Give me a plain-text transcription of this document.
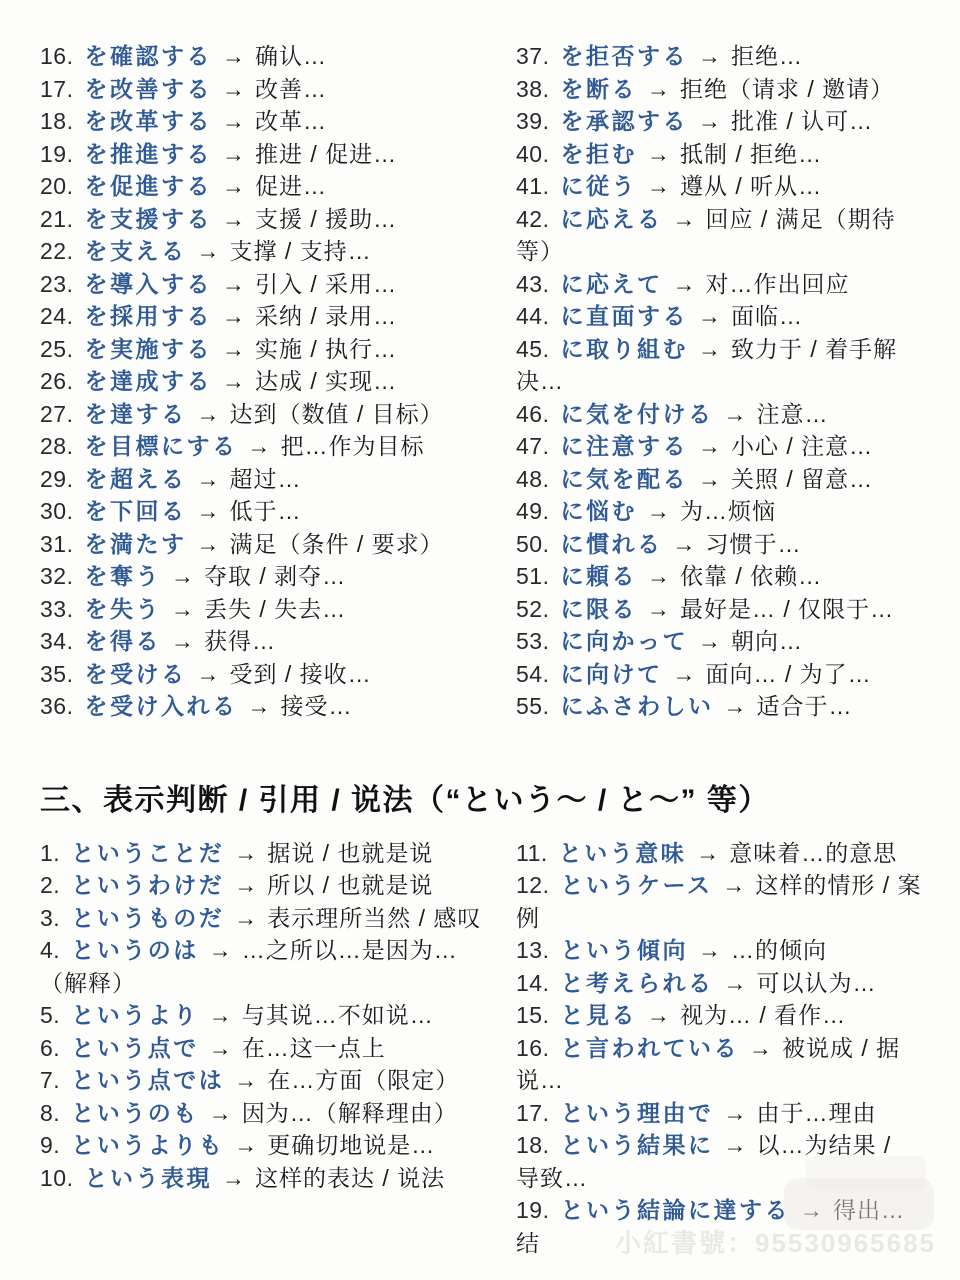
16. を確認する → 确认…
17. を改善する → 改善…
18. を改革する → 改革…
19. を推進する → 推进 / 促进…
20. を促進する → 促进…
21. を支援する → 支援 / 援助…
22. を支える → 支撑 / 支持…
23. を導入する → 引入 / 采用…
24. を採用する → 采纳 / 录用…
25. を実施する → 实施 / 执行…
26. を達成する → 达成 / 实现…
27. を達する → 达到（数值 / 目标）
28. を目標にする → 把…作为目标
29. を超える → 超过…
30. を下回る → 低于…
31. を満たす → 满足（条件 / 要求）
32. を奪う → 夺取 / 剥夺…
33. を失う → 丢失 / 失去…
34. を得る → 获得…
35. を受ける → 受到 / 接收…
36. を受け入れる → 接受…
37. を拒否する → 拒绝…
38. を断る → 拒绝（请求 / 邀请）
39. を承認する → 批准 / 认可…
40. を拒む → 抵制 / 拒绝…
41. に従う → 遵从 / 听从…
42. に応える → 回应 / 满足（期待等）
43. に応えて → 对…作出回应
44. に直面する → 面临…
45. に取り組む → 致力于 / 着手解决…
46. に気を付ける → 注意…
47. に注意する → 小心 / 注意…
48. に気を配る → 关照 / 留意…
49. に悩む → 为…烦恼
50. に慣れる → 习惯于…
51. に頼る → 依靠 / 依赖…
52. に限る → 最好是… / 仅限于…
53. に向かって → 朝向…
54. に向けて → 面向… / 为了…
55. にふさわしい → 适合于…
三、表示判断 / 引用 / 说法（“という〜 / と〜” 等）
1. ということだ → 据说 / 也就是说
2. というわけだ → 所以 / 也就是说
3. というものだ → 表示理所当然 / 感叹
4. というのは → …之所以…是因为…（解释）
5. というより → 与其说…不如说…
6. という点で → 在…这一点上
7. という点では → 在…方面（限定）
8. というのも → 因为…（解释理由）
9. というよりも → 更确切地说是…
10. という表現 → 这样的表达 / 说法
11. という意味 → 意味着…的意思
12. というケース → 这样的情形 / 案例
13. という傾向 → …的倾向
14. と考えられる → 可以认为…
15. と見る → 视为… / 看作…
16. と言われている → 被说成 / 据说…
17. という理由で → 由于…理由
18. という結果に → 以…为结果 / 导致…
19. という結論に達する → 得出…结	小紅書號：95530965685
